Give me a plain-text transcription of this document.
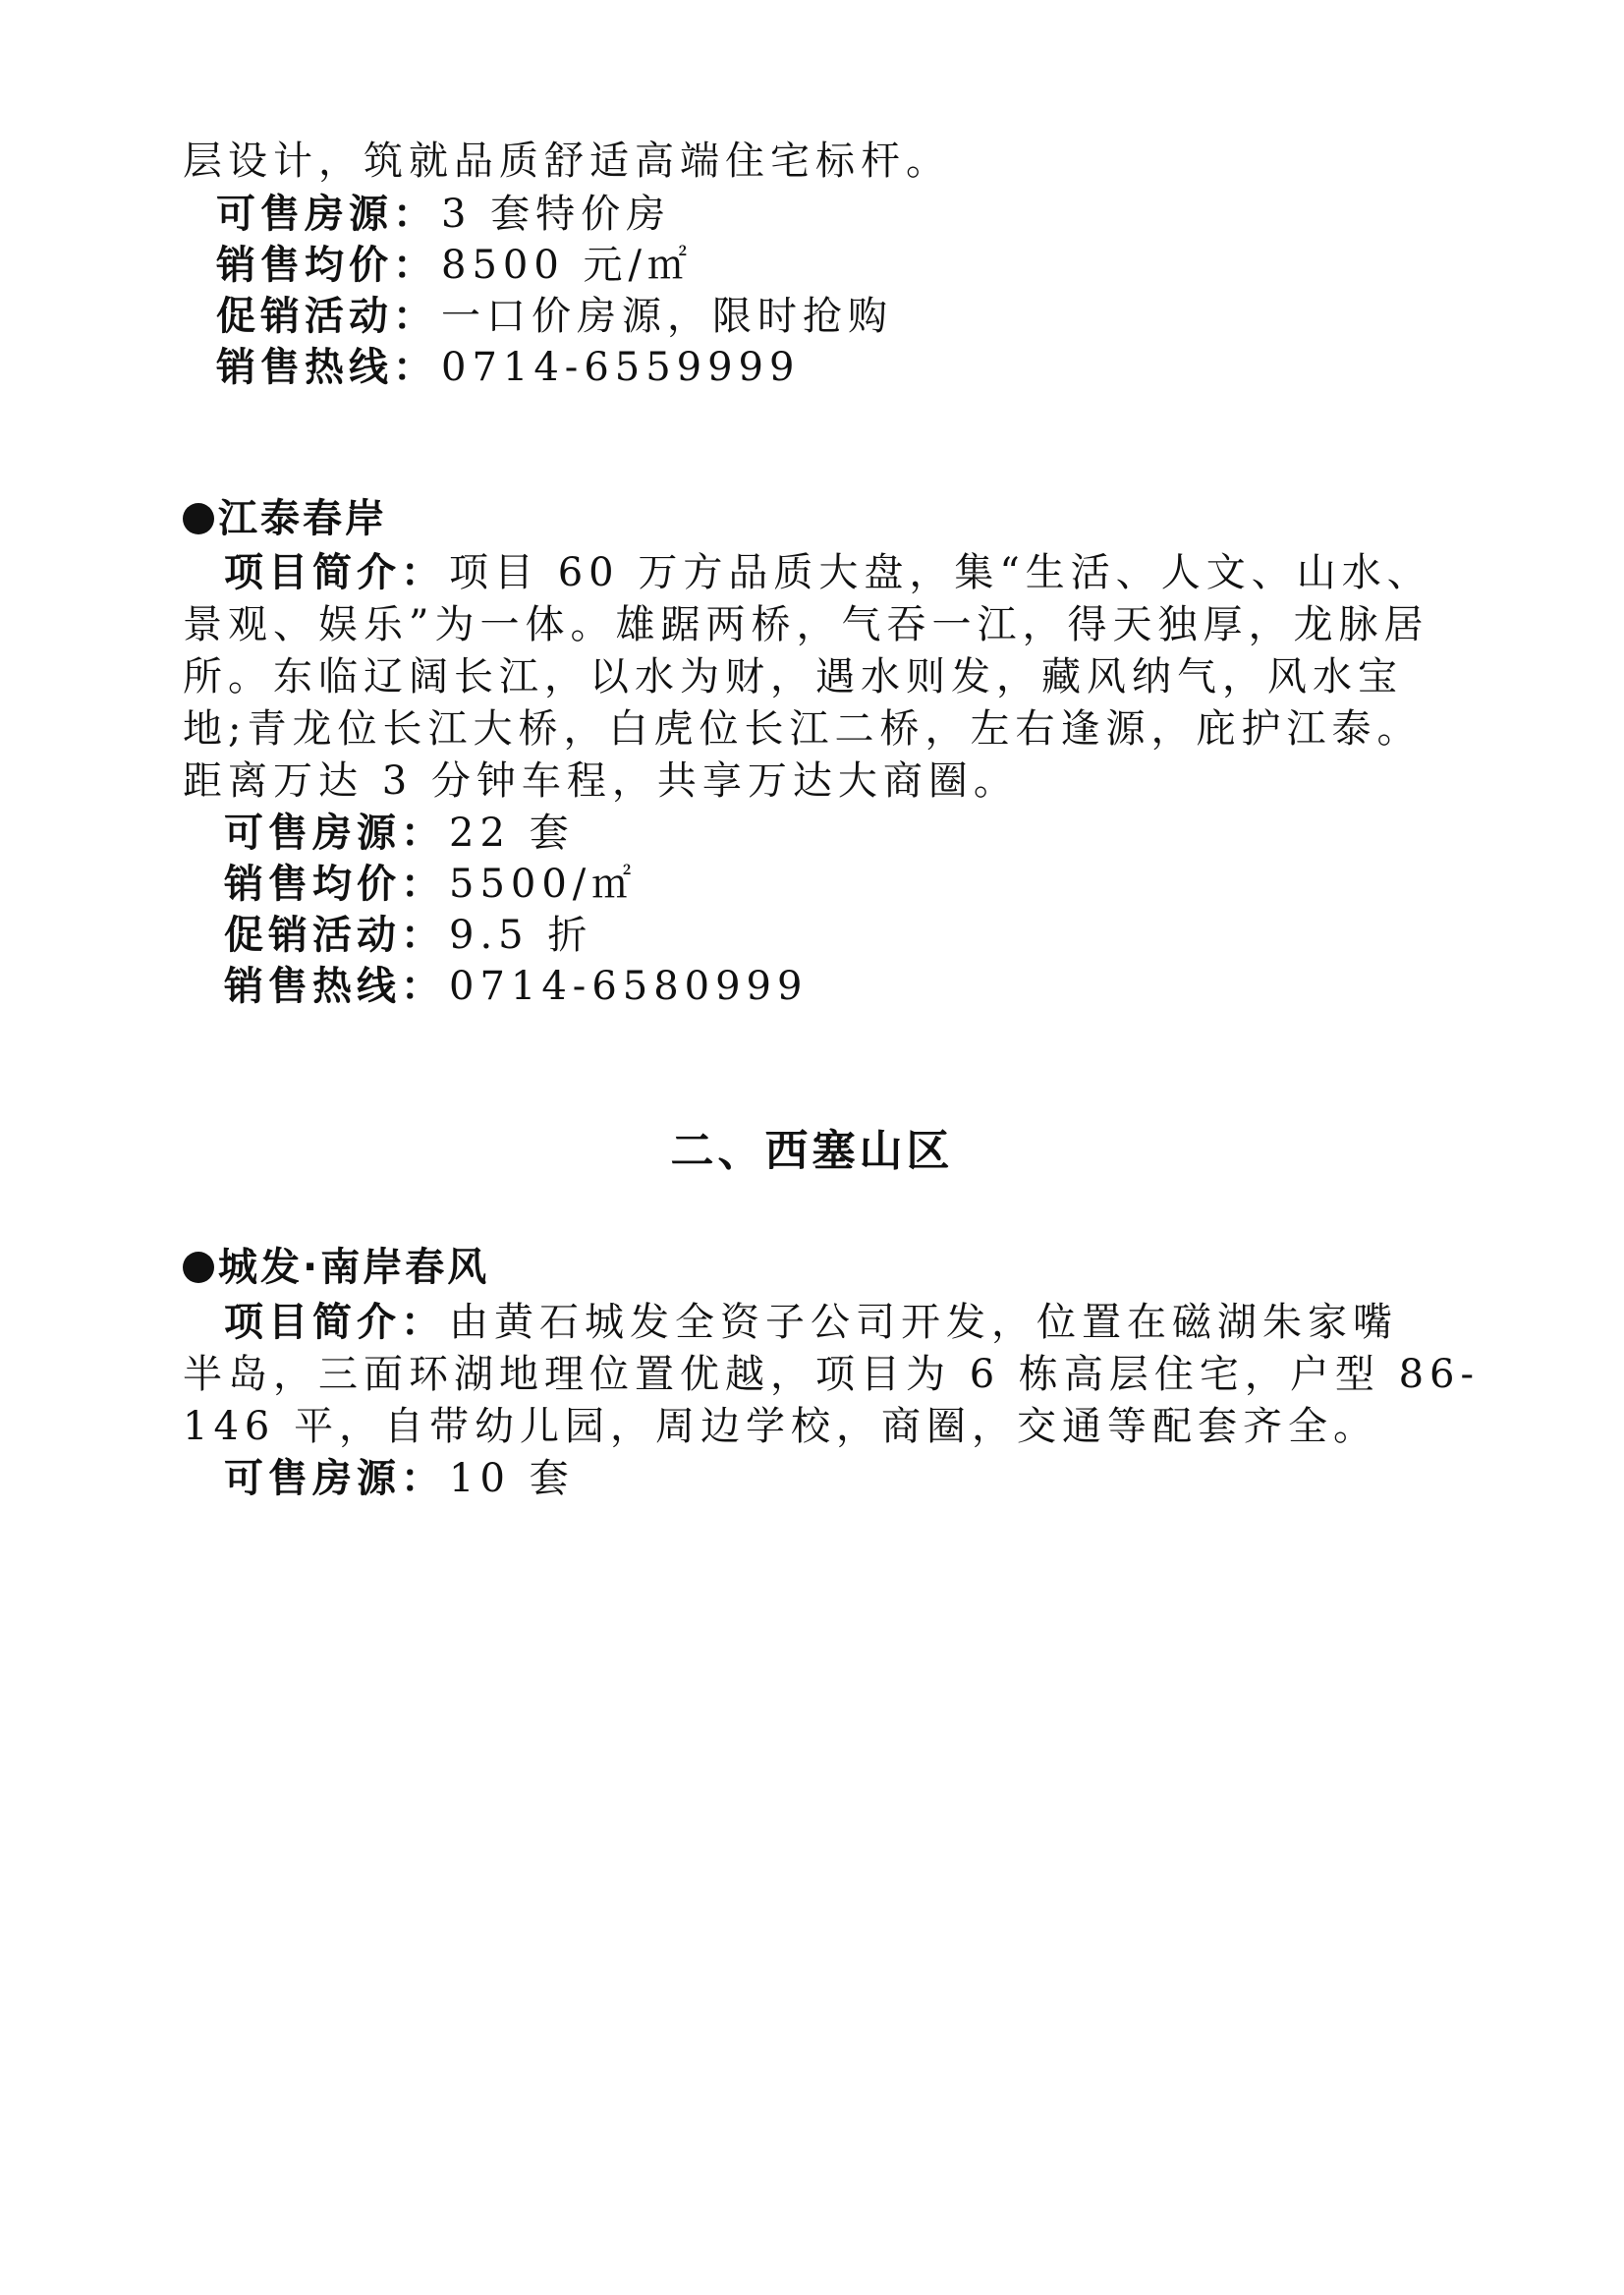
层设计，筑就品质舒适高端住宅标杆。
可售房源： 3 套特价房
销售均价： 8500 元/㎡
促销活动： 一口价房源，限时抢购
销售热线： 0714-6559999
江泰春岸
项目简介： 项目 60 万方品质大盘，集“生活、人文、山水、
景观、娱乐”为一体。雄踞两桥，气吞一江，得天独厚，龙脉居
所。东临辽阔长江，以水为财，遇水则发，藏风纳气，风水宝
地;青龙位长江大桥，白虎位长江二桥，左右逢源，庇护江泰。
距离万达 3 分钟车程，共享万达大商圈。
可售房源： 22 套
销售均价： 5500/㎡
促销活动： 9.5 折
销售热线： 0714-6580999
二、西塞山区
城发·南岸春风
项目简介： 由黄石城发全资子公司开发，位置在磁湖朱家嘴
半岛，三面环湖地理位置优越，项目为 6 栋高层住宅，户型 86-
146 平，自带幼儿园，周边学校，商圈，交通等配套齐全。
可售房源： 10 套
